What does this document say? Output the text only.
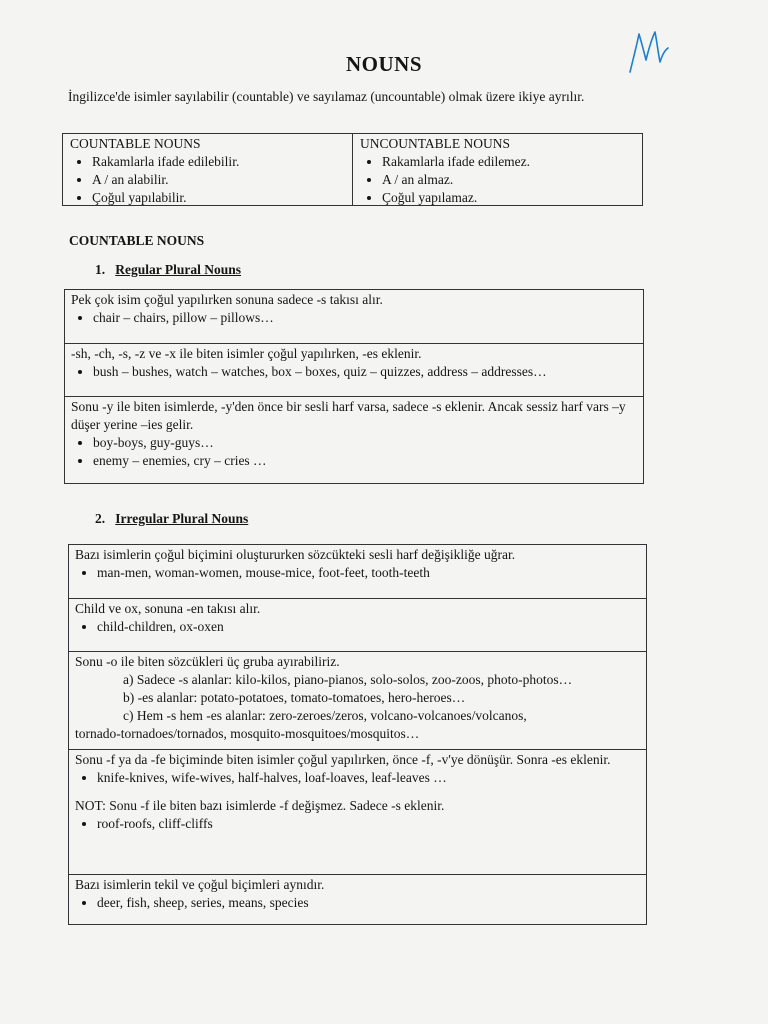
NOUNS
İngilizce'de isimler sayılabilir (countable) ve sayılamaz (uncountable) olmak üzere ikiye ayrılır.
COUNTABLE NOUNS
• Rakamlarla ifade edilebilir.
• A / an alabilir.
• Çoğul yapılabilir.
UNCOUNTABLE NOUNS
• Rakamlarla ifade edilemez.
• A / an almaz.
• Çoğul yapılamaz.
COUNTABLE NOUNS
1. Regular Plural Nouns

Pek çok isim çoğul yapılırken sonuna sadece -s takısı alır.

• chair – chairs, pillow – pillows…

-sh, -ch, -s, -z ve -x ile biten isimler çoğul yapılırken, -es eklenir.

• bush – bushes, watch – watches, box – boxes, quiz – quizzes, address – addresses…

Sonu -y ile biten isimlerde, -y'den önce bir sesli harf varsa, sadece -s eklenir. Ancak sessiz harf vars –y düşer yerine –ies gelir.

• boy-boys, guy-guys…
• enemy – enemies, cry – cries …
2. Irregular Plural Nouns

Bazı isimlerin çoğul biçimini oluştururken sözcükteki sesli harf değişikliğe uğrar.

• man-men, woman-women, mouse-mice, foot-feet, tooth-teeth

Child ve ox, sonuna -en takısı alır.

• child-children, ox-oxen

Sonu -o ile biten sözcükleri üç gruba ayırabiliriz.

a) Sadece -s alanlar: kilo-kilos, piano-pianos, solo-solos, zoo-zoos, photo-photos…

b) -es alanlar: potato-potatoes, tomato-tomatoes, hero-heroes…

c) Hem -s hem -es alanlar: zero-zeroes/zeros, volcano-volcanoes/volcanos,

tornado-tornadoes/tornados, mosquito-mosquitoes/mosquitos…

Sonu -f ya da -fe biçiminde biten isimler çoğul yapılırken, önce -f, -v'ye dönüşür. Sonra -es eklenir.

• knife-knives, wife-wives, half-halves, loaf-loaves, leaf-leaves …

NOT: Sonu -f ile biten bazı isimlerde -f değişmez. Sadece -s eklenir.

• roof-roofs, cliff-cliffs

Bazı isimlerin tekil ve çoğul biçimleri aynıdır.

• deer, fish, sheep, series, means, species
